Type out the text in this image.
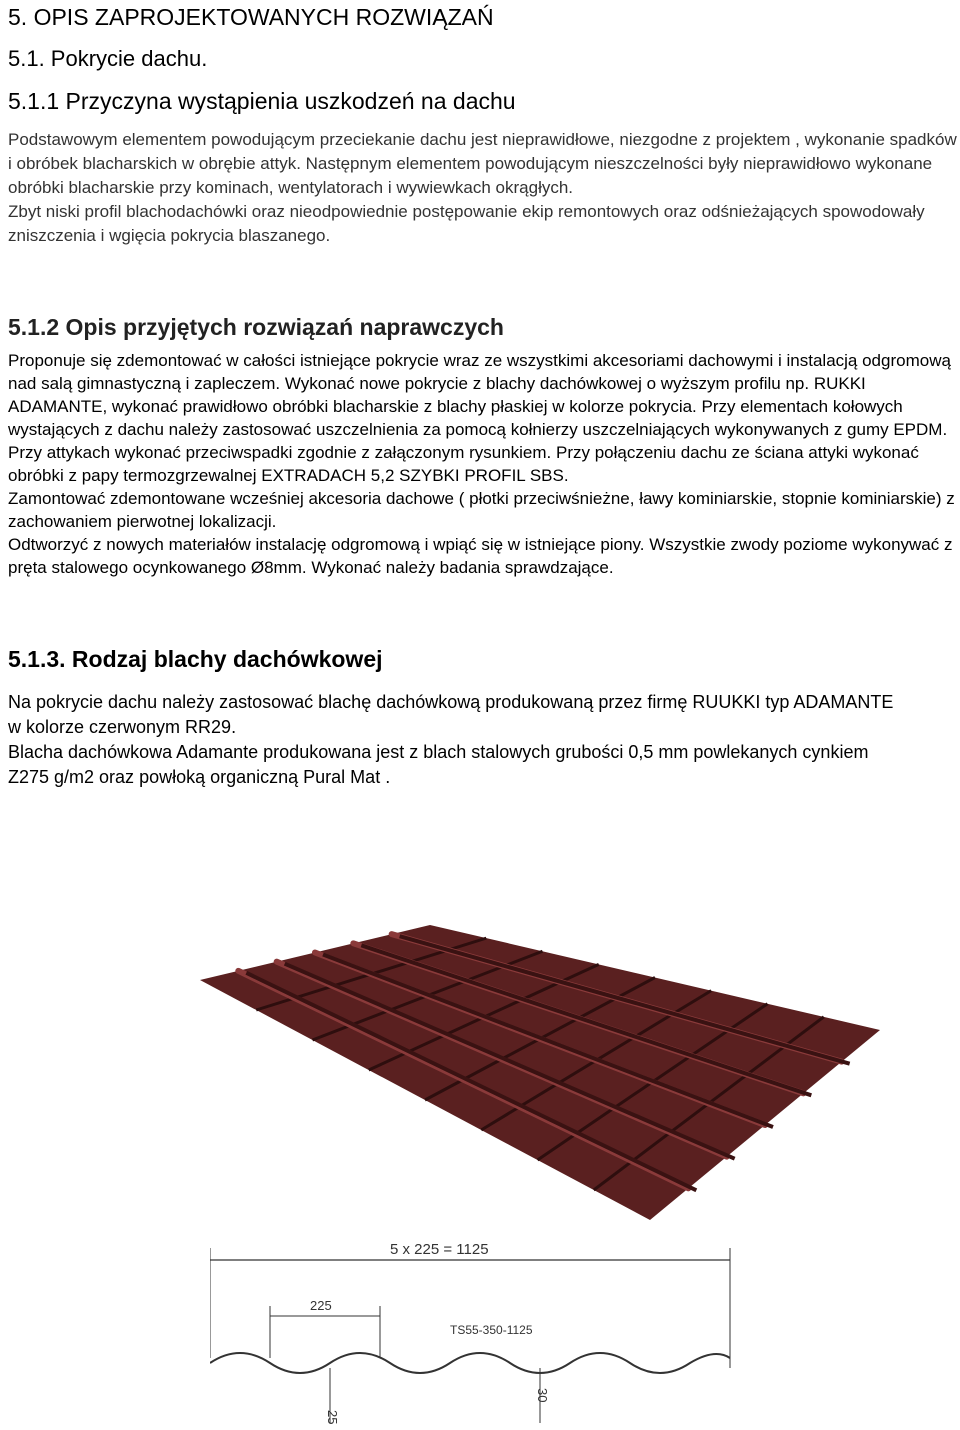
5. OPIS ZAPROJEKTOWANYCH ROZWIĄZAŃ
5.1. Pokrycie dachu.
5.1.1 Przyczyna wystąpienia uszkodzeń na dachu

Podstawowym elementem powodującym przeciekanie dachu jest nieprawidłowe, niezgodne z projektem , wykonanie spadków i obróbek blacharskich w obrębie attyk. Następnym elementem powodującym nieszczelności były nieprawidłowo wykonane obróbki blacharskie przy kominach, wentylatorach i wywiewkach okrągłych.

Zbyt niski profil blachodachówki oraz nieodpowiednie postępowanie ekip remontowych oraz odśnieżających spowodowały zniszczenia i wgięcia pokrycia blaszanego.

5.1.2 Opis przyjętych rozwiązań naprawczych

Proponuje się zdemontować w całości istniejące pokrycie wraz ze wszystkimi akcesoriami dachowymi i instalacją odgromową nad salą gimnastyczną i zapleczem. Wykonać nowe pokrycie z blachy dachówkowej o wyższym profilu np. RUKKI ADAMANTE, wykonać prawidłowo obróbki blacharskie z blachy płaskiej w kolorze pokrycia. Przy elementach kołowych wystających z dachu należy zastosować uszczelnienia za pomocą kołnierzy uszczelniających wykonywanych z gumy EPDM. Przy attykach wykonać przeciwspadki zgodnie z załączonym rysunkiem. Przy połączeniu dachu ze ściana attyki wykonać obróbki z papy termozgrzewalnej EXTRADACH 5,2 SZYBKI PROFIL SBS.

Zamontować zdemontowane wcześniej akcesoria dachowe ( płotki przeciwśnieżne, ławy kominiarskie, stopnie kominiarskie) z zachowaniem pierwotnej lokalizacji.

Odtworzyć z nowych materiałów instalację odgromową i wpiąć się w istniejące piony. Wszystkie zwody poziome wykonywać z pręta stalowego ocynkowanego Ø8mm. Wykonać należy badania sprawdzające.

5.1.3. Rodzaj blachy dachówkowej

Na pokrycie dachu należy zastosować blachę dachówkową produkowaną przez firmę RUUKKI typ ADAMANTE w kolorze czerwonym RR29.

Blacha dachówkowa Adamante produkowana jest z blach stalowych grubości 0,5 mm powlekanych cynkiem Z275 g/m2 oraz powłoką organiczną Pural Mat .

5 x 225 = 1125
225
TS55-350-1125
25
30
